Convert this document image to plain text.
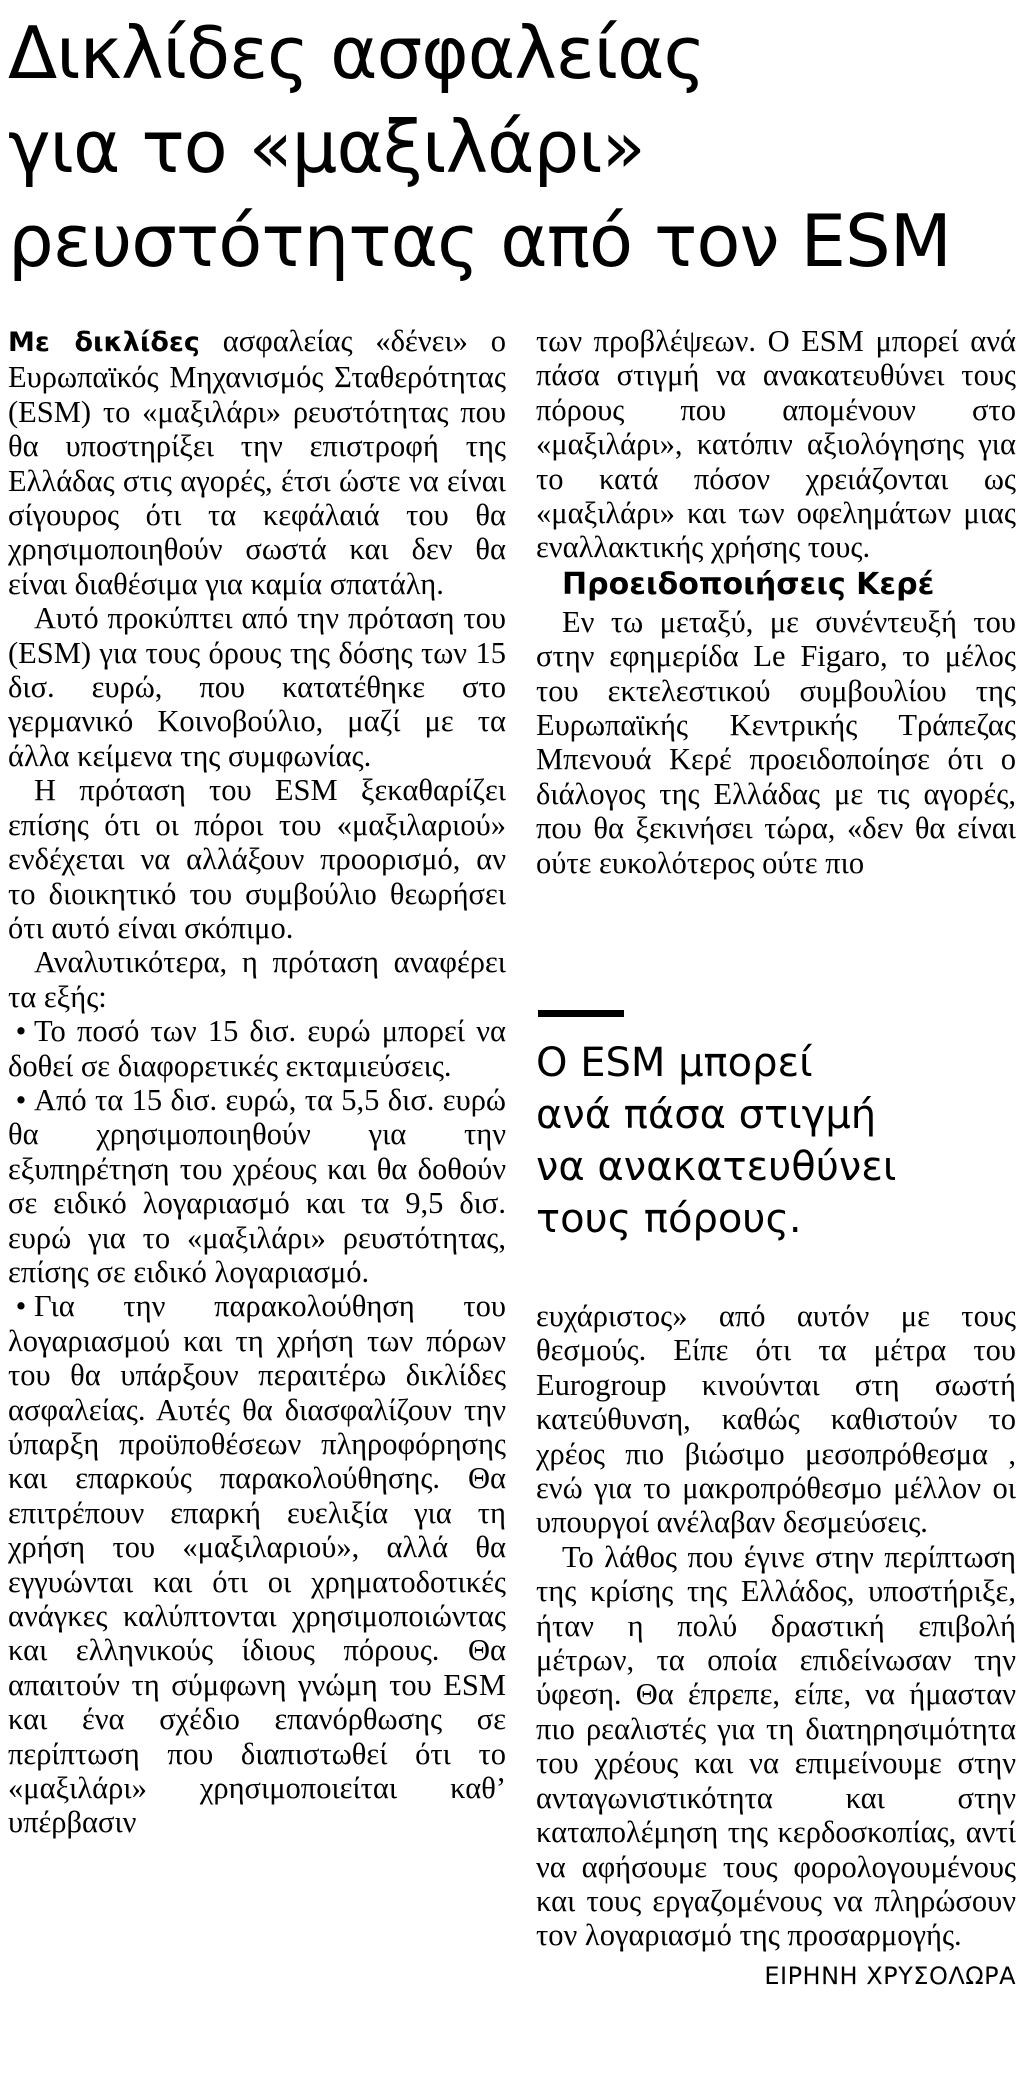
Δικλίδες ασφαλείας
για το «μαξιλάρι»
ρευστότητας από τον ESM

Με δικλίδες ασφαλείας «δένει» ο Ευρωπαϊκός Μηχανισμός Σταθερότητας (ESM) το «μαξιλάρι» ρευστότητας που θα υποστηρίξει την επιστροφή της Ελλάδας στις αγορές, έτσι ώστε να είναι σίγουρος ότι τα κεφάλαιά του θα χρησιμοποιηθούν σωστά και δεν θα είναι διαθέσιμα για καμία σπατάλη.

Αυτό προκύπτει από την πρόταση του (ESM) για τους όρους της δόσης των 15 δισ. ευρώ, που κατατέθηκε στο γερμανικό Κοινοβούλιο, μαζί με τα άλλα κείμενα της συμφωνίας.

Η πρόταση του ESM ξεκαθαρίζει επίσης ότι οι πόροι του «μαξιλαριού» ενδέχεται να αλλάξουν προορισμό, αν το διοικητικό του συμβούλιο θεωρήσει ότι αυτό είναι σκόπιμο.

Αναλυτικότερα, η πρόταση αναφέρει τα εξής:

• Το ποσό των 15 δισ. ευρώ μπορεί να δοθεί σε διαφορετικές εκταμιεύσεις.

• Από τα 15 δισ. ευρώ, τα 5,5 δισ. ευρώ θα χρησιμοποιηθούν για την εξυπηρέτηση του χρέους και θα δοθούν σε ειδικό λογαριασμό και τα 9,5 δισ. ευρώ για το «μαξιλάρι» ρευστότητας, επίσης σε ειδικό λογαριασμό.

• Για την παρακολούθηση του λογαριασμού και τη χρήση των πόρων του θα υπάρξουν περαιτέρω δικλίδες ασφαλείας. Αυτές θα διασφαλίζουν την ύπαρξη προϋποθέσεων πληροφόρησης και επαρκούς παρακολούθησης. Θα επιτρέπουν επαρκή ευελιξία για τη χρήση του «μαξιλαριού», αλλά θα εγγυώνται και ότι οι χρηματοδοτικές ανάγκες καλύπτονται χρησιμοποιώντας και ελληνικούς ίδιους πόρους. Θα απαιτούν τη σύμφωνη γνώμη του ESM και ένα σχέδιο επανόρθωσης σε περίπτωση που διαπιστωθεί ότι το «μαξιλάρι» χρησιμοποιείται καθ’ υπέρβασιν

των προβλέψεων. Ο ESM μπορεί ανά πάσα στιγμή να ανακατευθύνει τους πόρους που απομένουν στο «μαξιλάρι», κατόπιν αξιολόγησης για το κατά πόσον χρειάζονται ως «μαξιλάρι» και των οφελημάτων μιας εναλλακτικής χρήσης τους.

Προειδοποιήσεις Κερέ

Εν τω μεταξύ, με συνέντευξή του στην εφημερίδα Le Figaro, το μέλος του εκτελεστικού συμβουλίου της Ευρωπαϊκής Κεντρικής Τράπεζας Μπενουά Κερέ προειδοποίησε ότι ο διάλογος της Ελλάδας με τις αγορές, που θα ξεκινήσει τώρα, «δεν θα είναι ούτε ευκολότερος ούτε πιο

Ο ESM μπορεί
ανά πάσα στιγμή
να ανακατευθύνει
τους πόρους.

ευχάριστος» από αυτόν με τους θεσμούς. Είπε ότι τα μέτρα του Eurogroup κινούνται στη σωστή κατεύθυνση, καθώς καθιστούν το χρέος πιο βιώσιμο μεσοπρόθεσμα , ενώ για το μακροπρόθεσμο μέλλον οι υπουργοί ανέλαβαν δεσμεύσεις.

Το λάθος που έγινε στην περίπτωση της κρίσης της Ελλάδος, υποστήριξε, ήταν η πολύ δραστική επιβολή μέτρων, τα οποία επιδείνωσαν την ύφεση. Θα έπρεπε, είπε, να ήμασταν πιο ρεαλιστές για τη διατηρησιμότητα του χρέους και να επιμείνουμε στην ανταγωνιστικότητα και στην καταπολέμηση της κερδοσκοπίας, αντί να αφήσουμε τους φορολογουμένους και τους εργαζομένους να πληρώσουν τον λογαριασμό της προσαρμογής.

ΕΙΡΗΝΗ ΧΡΥΣΟΛΩΡΑ
